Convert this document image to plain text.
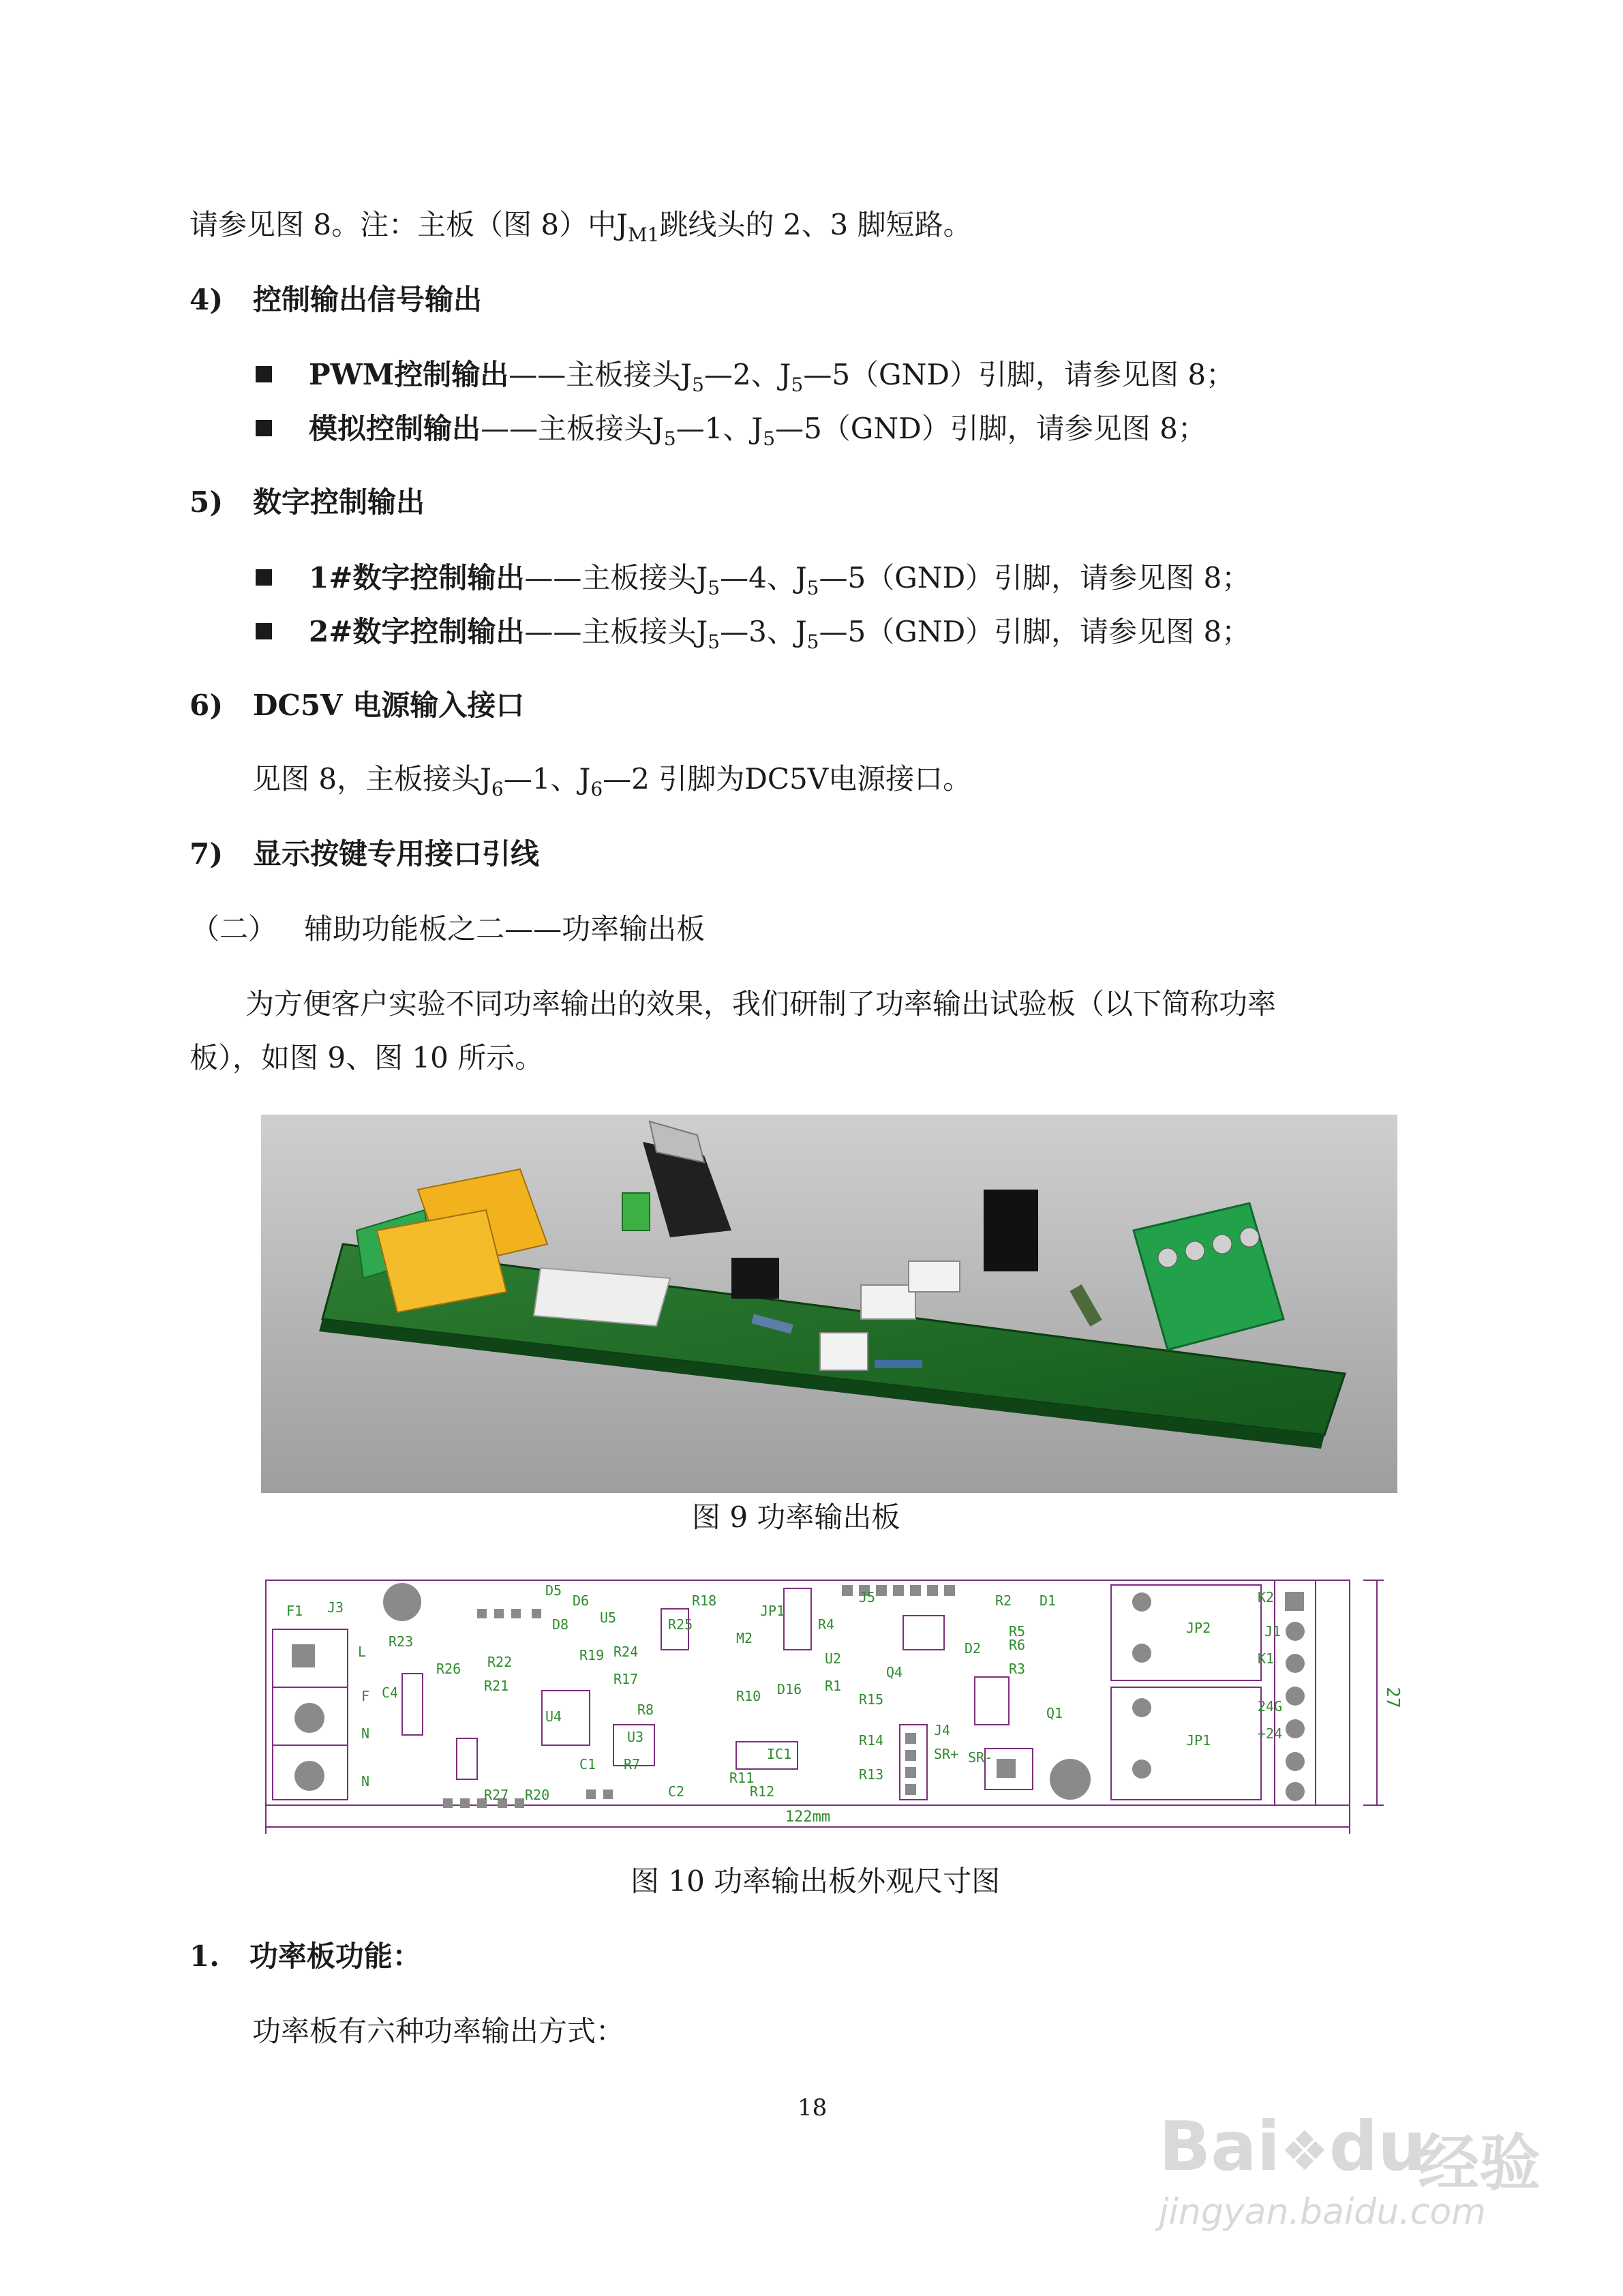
请参见图 8。注：主板（图 8）中$J_{M1}$跳线头的 2、3 脚短路。
4) 控制输出信号输出
PWM控制输出——主板接头$J_5—2$、$J_5—5(GND)$引脚，请参见图 8；
模拟控制输出——主板接头$J_5—1$、$J_5—5(GND)$引脚，请参见图 8；
5) 数字控制输出
1#数字控制输出——主板接头$J_5—4$、$J_5—5(GND)$引脚，请参见图 8；
2#数字控制输出——主板接头$J_5—3$、$J_5—5(GND)$引脚，请参见图 8；
6) DC5V 电源输入接口
见图 8，主板接头$J_6—1$、$J_6—2$ 引脚为DC5V电源接口。
7) 显示按键专用接口引线
（二） 辅助功能板之二——功率输出板
为方便客户实验不同功率输出的效果，我们研制了功率输出试验板（以下简称功率
板），如图 9、图 10 所示。
图 9 功率输出板
F1 J3
R23
C4
R26 R22
R21
D6
D8 U5
R19
D5
U4
R24
R17
R18
R25
M2
JP1
R10 D16
U3
R8
R7
C2
IC1
R1
R11
R12
R4
U2
R15
R14
R13
Q4
J5	R2 D1
R5
R6
R3
D2
Q1
SR+ SR-
J4
JP2
JP1
K2
K1
24G
+24
J1
R20
R27
C1
L
F
N
N
122mm
27
图 10 功率输出板外观尺寸图
1. 功率板功能：
功率板有六种功率输出方式：
18	Bai❖du
经验
jingyan.baidu.com
